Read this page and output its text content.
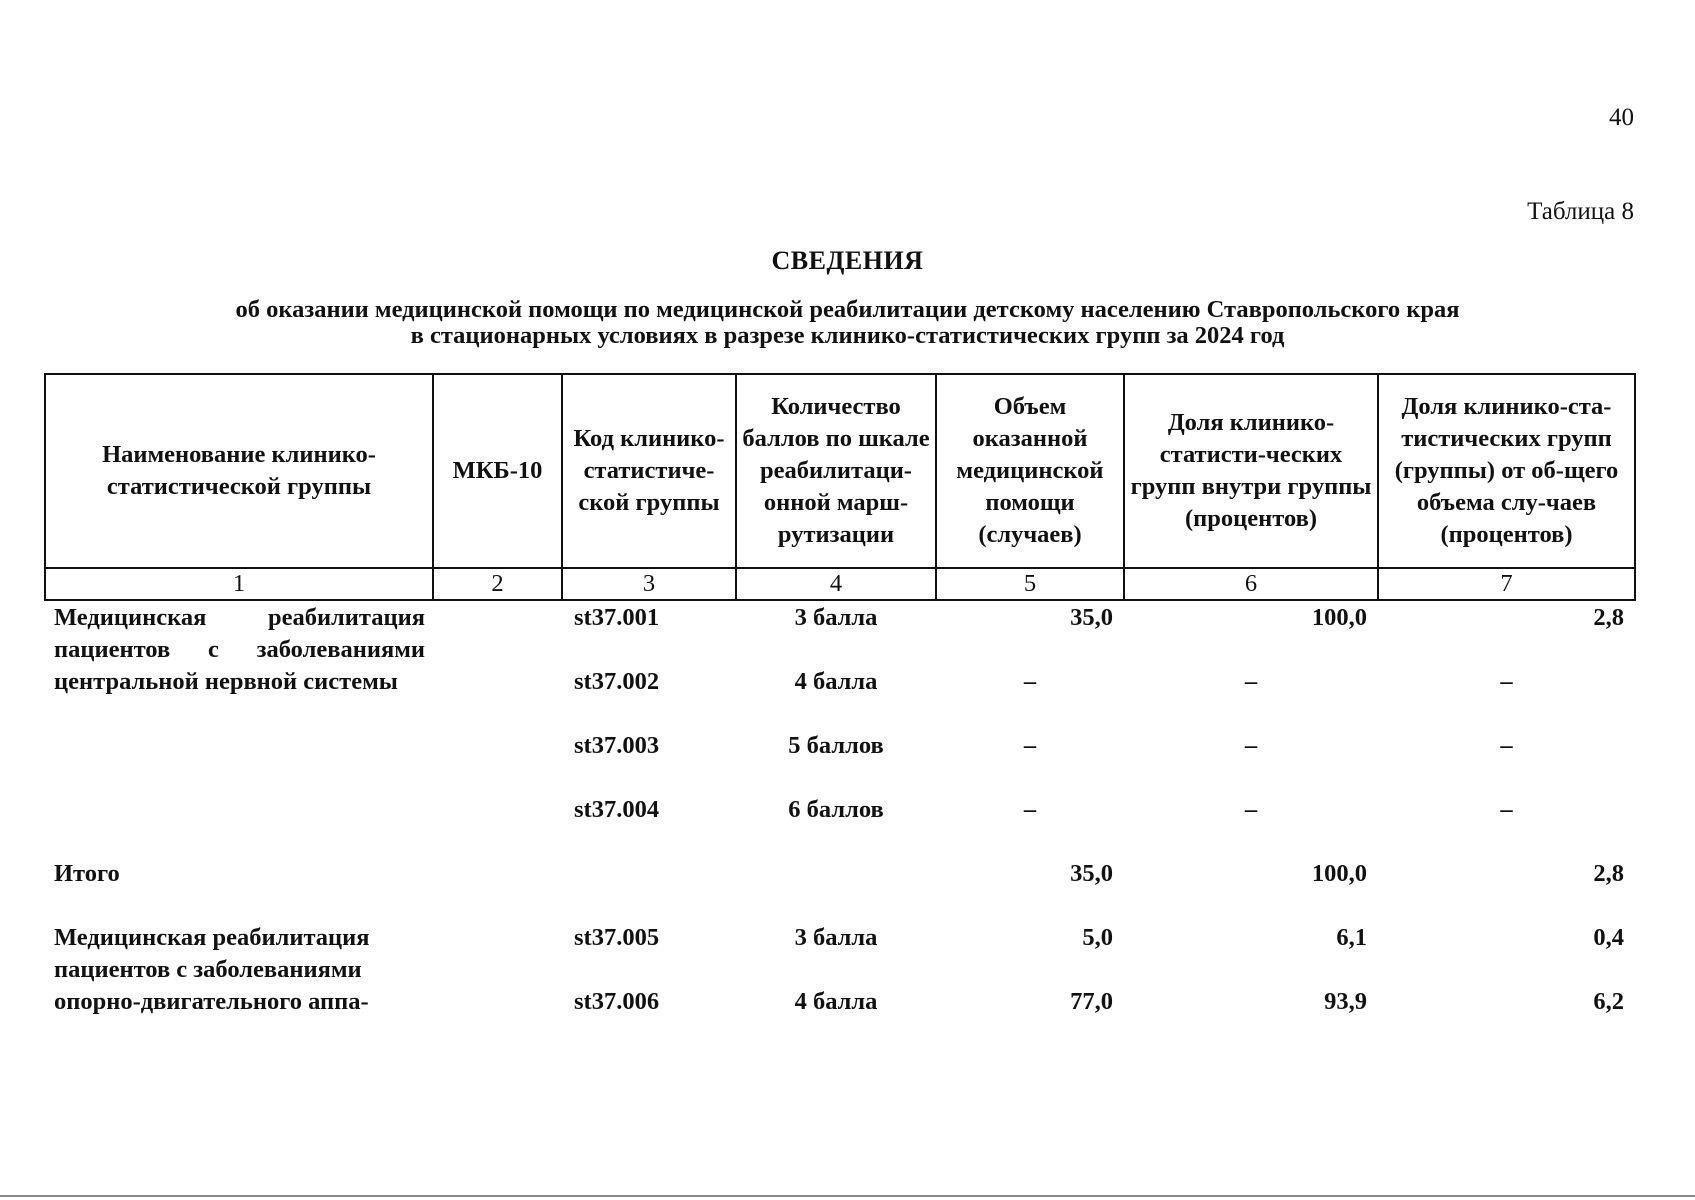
40
Таблица 8
СВЕДЕНИЯ
об оказании медицинской помощи по медицинской реабилитации детскому населению Ставропольского края
в стационарных условиях в разрезе клинико-статистических групп за 2024 год
Наименование клинико-статистической группы	МКБ-10	Код клинико-статистиче-ской группы	Количество баллов по шкале реабилитаци-онной марш-рутизации	Объем оказанной медицинской помощи (случаев)	Доля клинико-статисти-ческих групп внутри группы (процентов)	Доля клинико-ста-тистических групп (группы) от об-щего объема слу-чаев (процентов)
1	2	3	4	5	6	7
Медицинская реабилитация пациентов с заболеваниями центральной нервной системы		st37.001	3 балла	35,0	100,0	2,8
		st37.002	4 балла	–	–	–
		st37.003	5 баллов	–	–	–
		st37.004	6 баллов	–	–	–
Итого				35,0	100,0	2,8
Медицинская реабилитация пациентов с заболеваниями опорно-двигательного аппа-		st37.005	3 балла	5,0	6,1	0,4
		st37.006	4 балла	77,0	93,9	6,2
